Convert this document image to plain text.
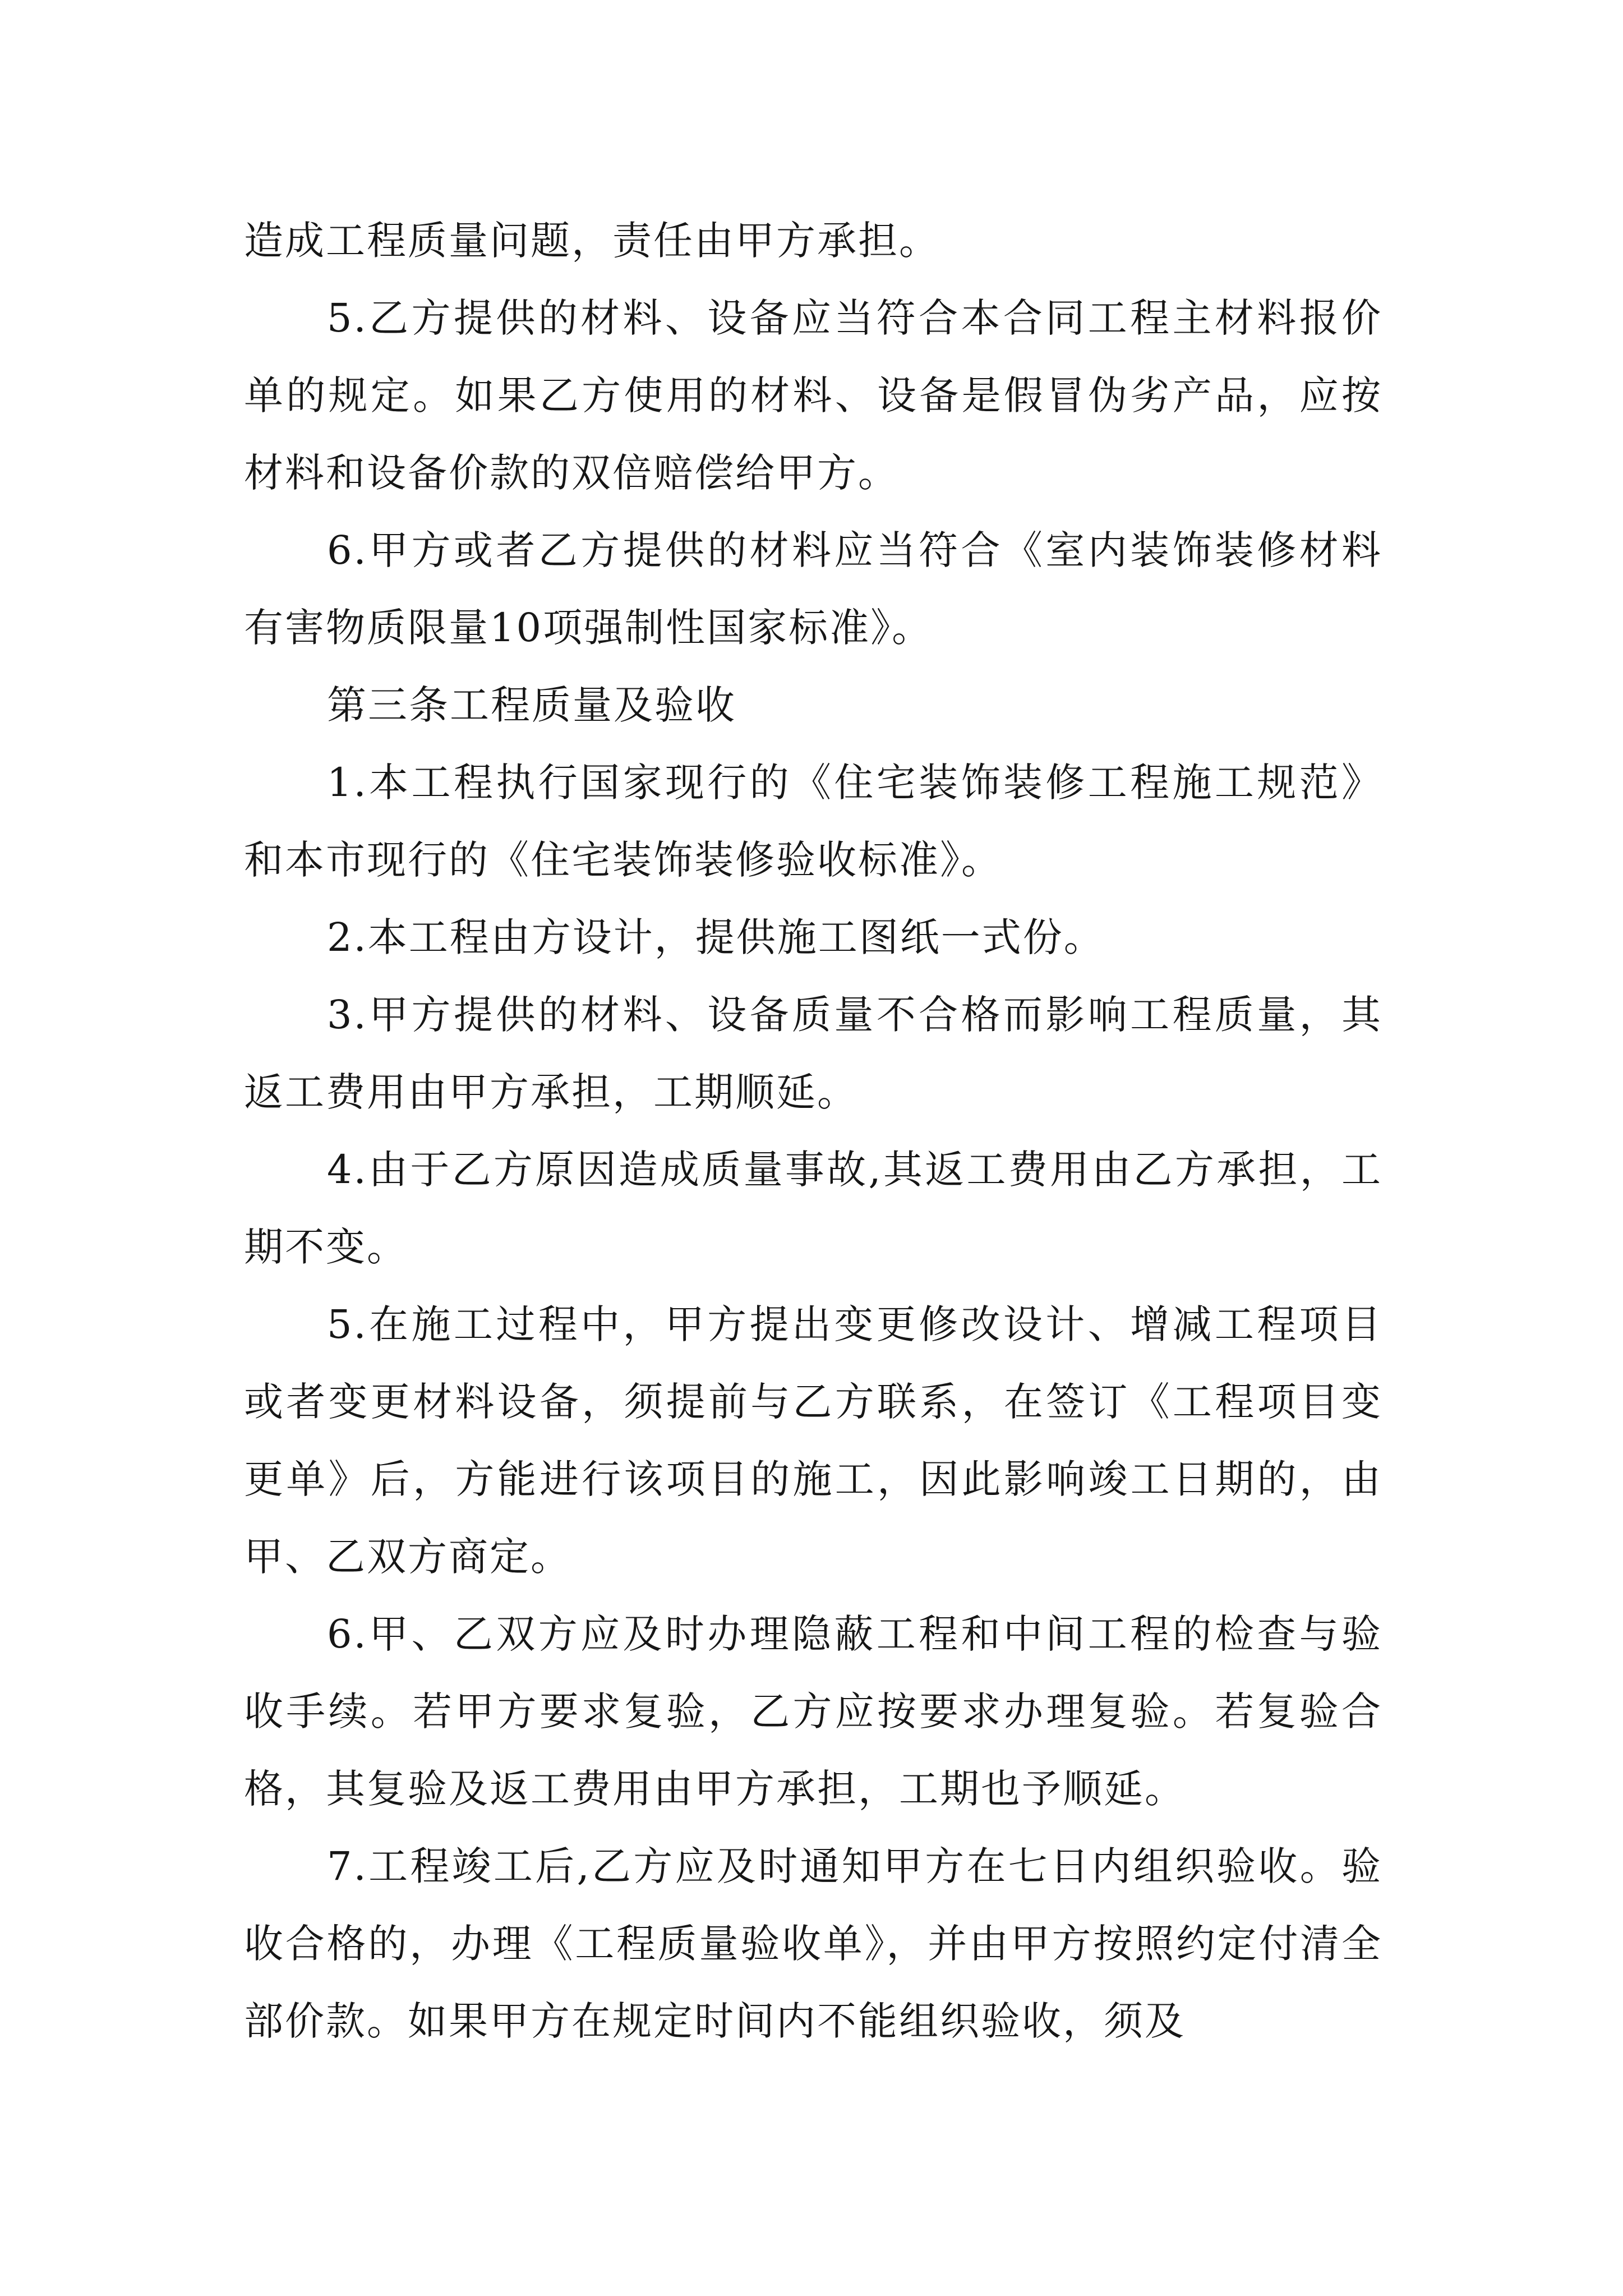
造成工程质量问题，责任由甲方承担。

5.乙方提供的材料、设备应当符合本合同工程主材料报价单的规定。如果乙方使用的材料、设备是假冒伪劣产品，应按材料和设备价款的双倍赔偿给甲方。

6.甲方或者乙方提供的材料应当符合《室内装饰装修材料有害物质限量10项强制性国家标准》。

第三条工程质量及验收

1.本工程执行国家现行的《住宅装饰装修工程施工规范》和本市现行的《住宅装饰装修验收标准》。

2.本工程由方设计，提供施工图纸一式份。

3.甲方提供的材料、设备质量不合格而影响工程质量，其返工费用由甲方承担，工期顺延。

4.由于乙方原因造成质量事故,其返工费用由乙方承担，工期不变。

5.在施工过程中，甲方提出变更修改设计、增减工程项目或者变更材料设备，须提前与乙方联系，在签订《工程项目变更单》后，方能进行该项目的施工，因此影响竣工日期的，由甲、乙双方商定。

6.甲、乙双方应及时办理隐蔽工程和中间工程的检查与验收手续。若甲方要求复验，乙方应按要求办理复验。若复验合格，其复验及返工费用由甲方承担，工期也予顺延。

7.工程竣工后,乙方应及时通知甲方在七日内组织验收。验收合格的，办理《工程质量验收单》，并由甲方按照约定付清全部价款。如果甲方在规定时间内不能组织验收，须及
